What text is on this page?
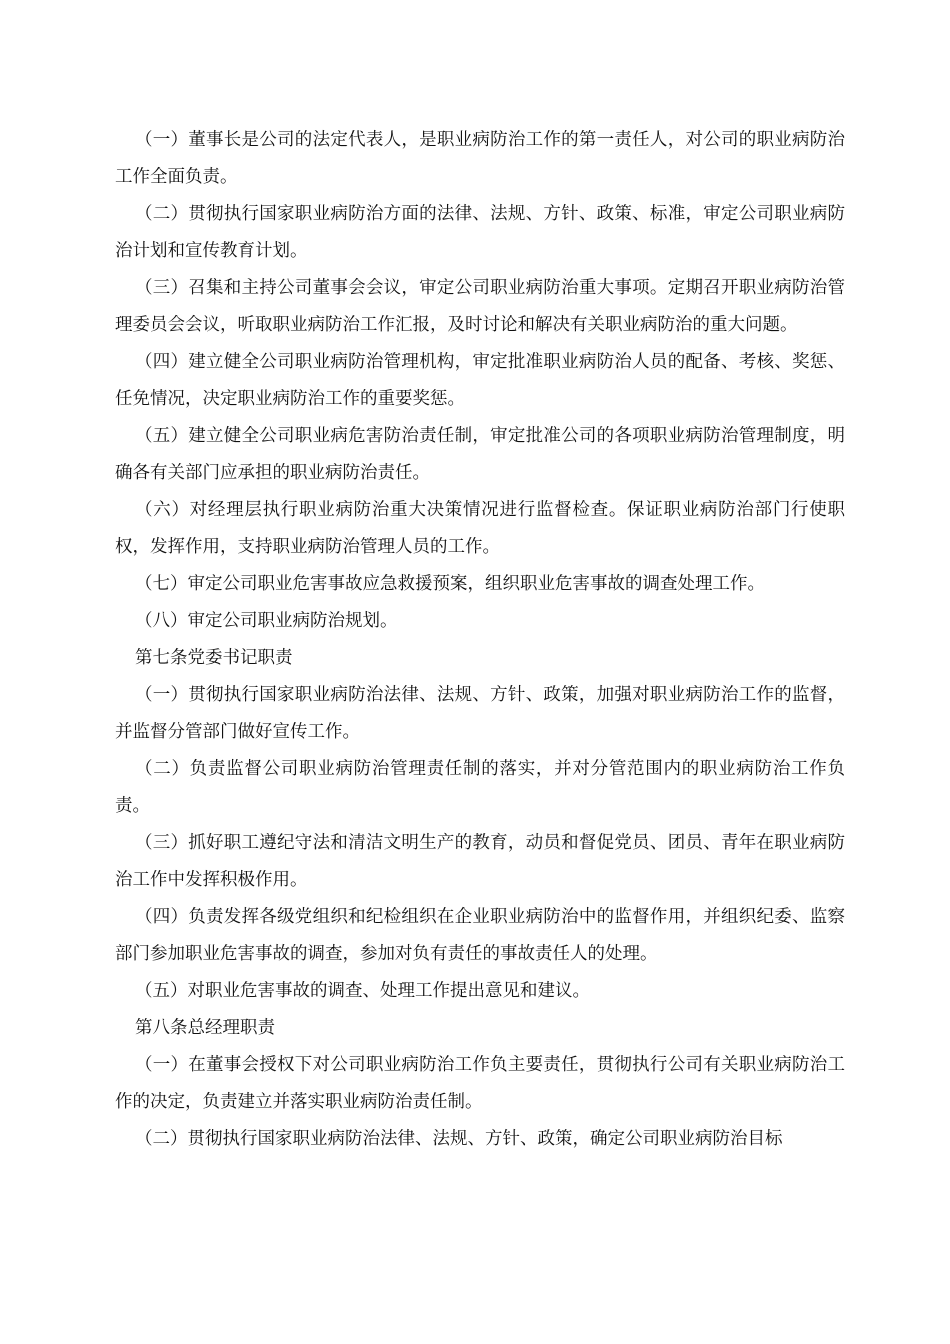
（一）董事长是公司的法定代表人，是职业病防治工作的第一责任人，对公司的职业病防治工作全面负责。

（二）贯彻执行国家职业病防治方面的法律、法规、方针、政策、标准，审定公司职业病防治计划和宣传教育计划。

（三）召集和主持公司董事会会议，审定公司职业病防治重大事项。定期召开职业病防治管理委员会会议，听取职业病防治工作汇报，及时讨论和解决有关职业病防治的重大问题。

（四）建立健全公司职业病防治管理机构，审定批准职业病防治人员的配备、考核、奖惩、任免情况，决定职业病防治工作的重要奖惩。

（五）建立健全公司职业病危害防治责任制，审定批准公司的各项职业病防治管理制度，明确各有关部门应承担的职业病防治责任。

（六）对经理层执行职业病防治重大决策情况进行监督检查。保证职业病防治部门行使职权，发挥作用，支持职业病防治管理人员的工作。

（七）审定公司职业危害事故应急救援预案，组织职业危害事故的调查处理工作。

（八）审定公司职业病防治规划。

第七条党委书记职责

（一）贯彻执行国家职业病防治法律、法规、方针、政策，加强对职业病防治工作的监督，并监督分管部门做好宣传工作。

（二）负责监督公司职业病防治管理责任制的落实，并对分管范围内的职业病防治工作负责。

（三）抓好职工遵纪守法和清洁文明生产的教育，动员和督促党员、团员、青年在职业病防治工作中发挥积极作用。

（四）负责发挥各级党组织和纪检组织在企业职业病防治中的监督作用，并组织纪委、监察部门参加职业危害事故的调查，参加对负有责任的事故责任人的处理。

（五）对职业危害事故的调查、处理工作提出意见和建议。

第八条总经理职责

（一）在董事会授权下对公司职业病防治工作负主要责任，贯彻执行公司有关职业病防治工作的决定，负责建立并落实职业病防治责任制。

（二）贯彻执行国家职业病防治法律、法规、方针、政策，确定公司职业病防治目标
